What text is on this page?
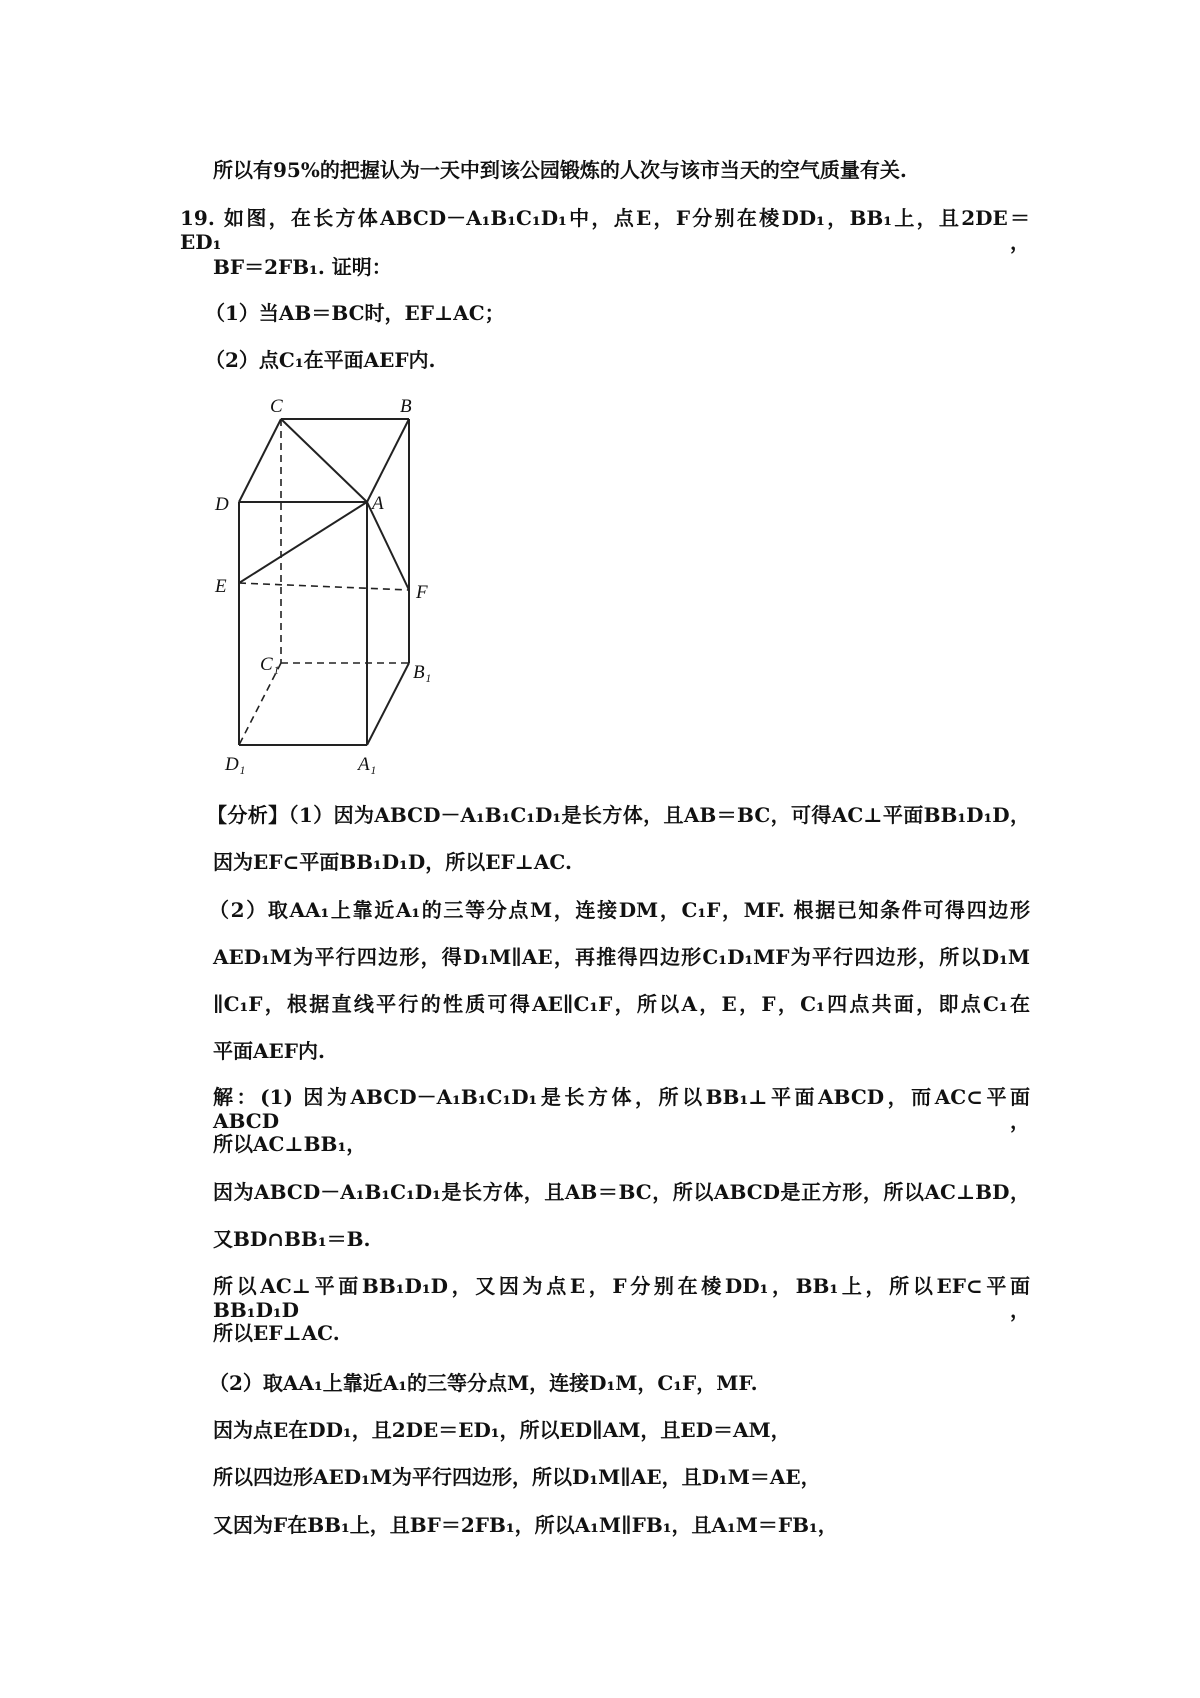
所以有95%的把握认为一天中到该公园锻炼的人次与该市当天的空气质量有关.
19. 如图，在长方体ABCD－A₁B₁C₁D₁中，点E，F分别在棱DD₁，BB₁上，且2DE＝ED₁，
BF＝2FB₁. 证明：
（1）当AB＝BC时，EF⊥AC；
（2）点C₁在平面AEF内.
C	B
D	A
E	F
C₁	B₁
D₁	A₁
【分析】（1）因为ABCD－A₁B₁C₁D₁是长方体，且AB＝BC，可得AC⊥平面BB₁D₁D，
因为EF⊂平面BB₁D₁D，所以EF⊥AC.
（2）取AA₁上靠近A₁的三等分点M，连接DM，C₁F，MF. 根据已知条件可得四边形
AED₁M为平行四边形，得D₁M∥AE，再推得四边形C₁D₁MF为平行四边形，所以D₁M
∥C₁F，根据直线平行的性质可得AE∥C₁F，所以A，E，F，C₁四点共面，即点C₁在
平面AEF内.
解：(1) 因为ABCD－A₁B₁C₁D₁是长方体，所以BB₁⊥平面ABCD，而AC⊂平面ABCD，
所以AC⊥BB₁，
因为ABCD－A₁B₁C₁D₁是长方体，且AB＝BC，所以ABCD是正方形，所以AC⊥BD，
又BD∩BB₁＝B.
所以AC⊥平面BB₁D₁D，又因为点E，F分别在棱DD₁，BB₁上，所以EF⊂平面BB₁D₁D，
所以EF⊥AC.
（2）取AA₁上靠近A₁的三等分点M，连接D₁M，C₁F，MF.
因为点E在DD₁，且2DE＝ED₁，所以ED∥AM，且ED＝AM，
所以四边形AED₁M为平行四边形，所以D₁M∥AE，且D₁M＝AE，
又因为F在BB₁上，且BF＝2FB₁，所以A₁M∥FB₁，且A₁M＝FB₁，
